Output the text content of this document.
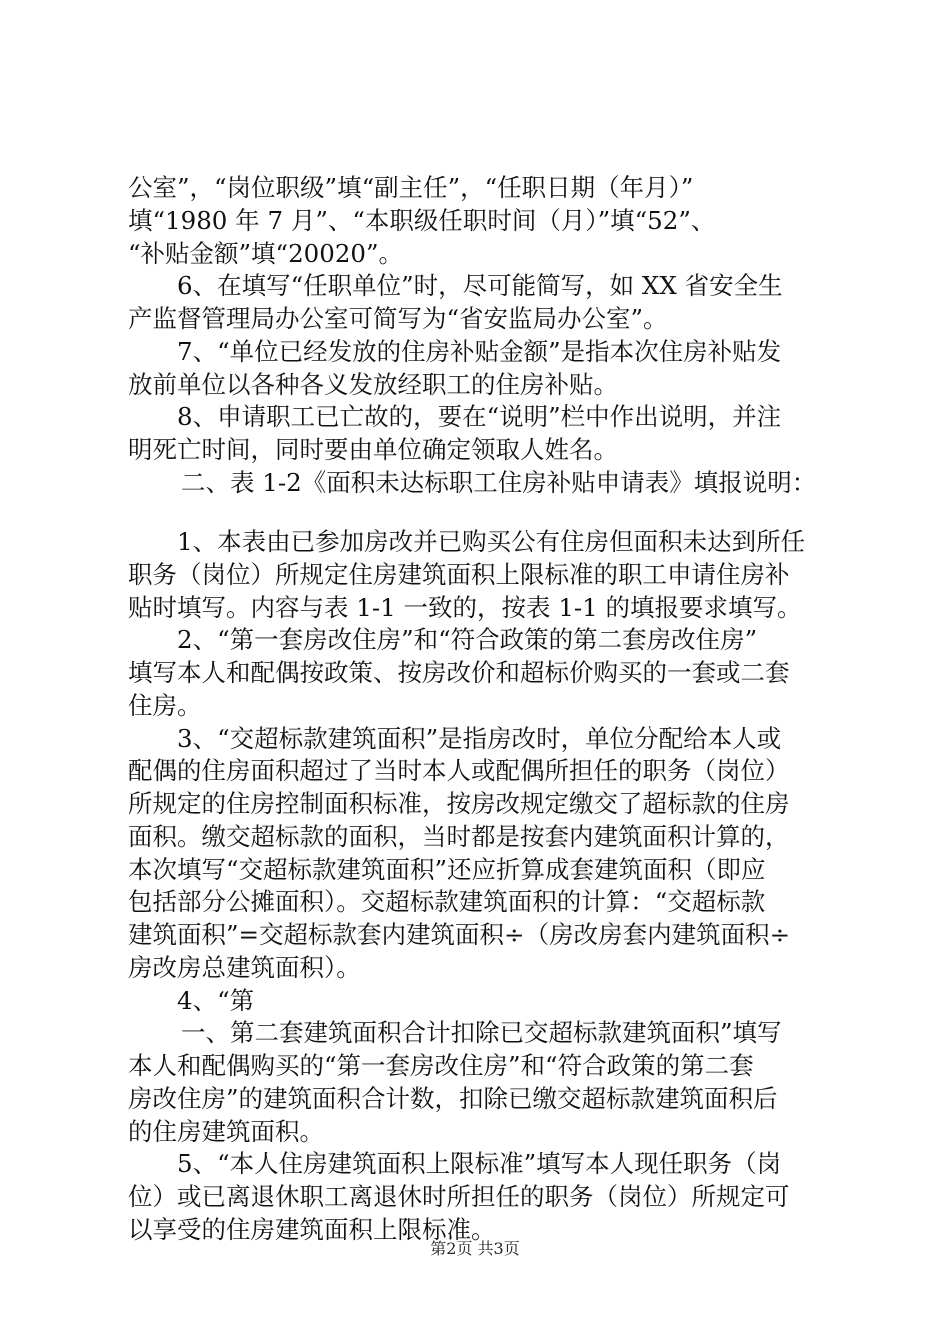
公室”，“岗位职级”填“副主任”，“任职日期（年月）”
填“1980 年 7 月”、“本职级任职时间（月）”填“52”、
“补贴金额”填“20020”。
6、在填写“任职单位”时，尽可能简写，如 XX 省安全生
产监督管理局办公室可简写为“省安监局办公室”。
7、“单位已经发放的住房补贴金额”是指本次住房补贴发
放前单位以各种各义发放经职工的住房补贴。
8、申请职工已亡故的，要在“说明”栏中作出说明，并注
明死亡时间，同时要由单位确定领取人姓名。
二、表 1-2《面积未达标职工住房补贴申请表》填报说明：
1、本表由已参加房改并已购买公有住房但面积未达到所任
职务（岗位）所规定住房建筑面积上限标准的职工申请住房补
贴时填写。内容与表 1-1 一致的，按表 1-1 的填报要求填写。
2、“第一套房改住房”和“符合政策的第二套房改住房”
填写本人和配偶按政策、按房改价和超标价购买的一套或二套
住房。
3、“交超标款建筑面积”是指房改时，单位分配给本人或
配偶的住房面积超过了当时本人或配偶所担任的职务（岗位）
所规定的住房控制面积标准，按房改规定缴交了超标款的住房
面积。缴交超标款的面积，当时都是按套内建筑面积计算的，
本次填写“交超标款建筑面积”还应折算成套建筑面积（即应
包括部分公摊面积）。交超标款建筑面积的计算：“交超标款
建筑面积”=交超标款套内建筑面积÷（房改房套内建筑面积÷
房改房总建筑面积）。
4、“第
一、第二套建筑面积合计扣除已交超标款建筑面积”填写
本人和配偶购买的“第一套房改住房”和“符合政策的第二套
房改住房”的建筑面积合计数，扣除已缴交超标款建筑面积后
的住房建筑面积。
5、“本人住房建筑面积上限标准”填写本人现任职务（岗
位）或已离退休职工离退休时所担任的职务（岗位）所规定可
以享受的住房建筑面积上限标准。
第2页 共3页
